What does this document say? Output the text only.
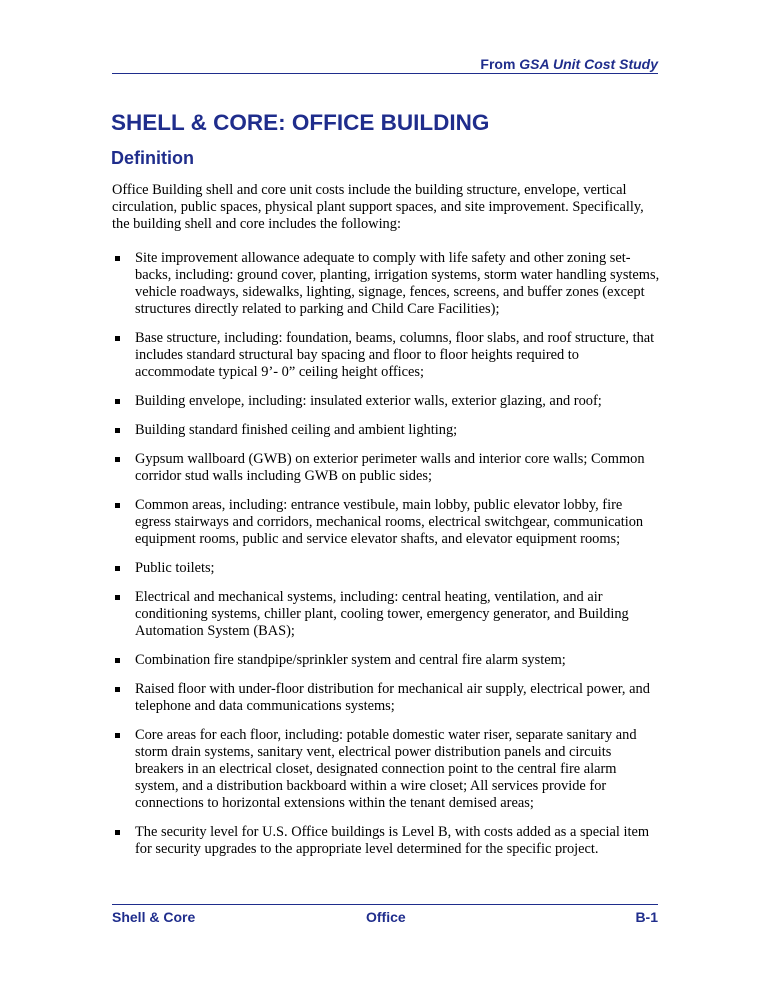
From GSA Unit Cost Study
SHELL & CORE: OFFICE BUILDING
Definition

Office Building shell and core unit costs include the building structure, envelope, vertical circulation, public spaces, physical plant support spaces, and site improvement. Specifically, the building shell and core includes the following:

Site improvement allowance adequate to comply with life safety and other zoning set-backs, including: ground cover, planting, irrigation systems, storm water handling systems, vehicle roadways, sidewalks, lighting, signage, fences, screens, and buffer zones (except structures directly related to parking and Child Care Facilities);
Base structure, including: foundation, beams, columns, floor slabs, and roof structure, that includes standard structural bay spacing and floor to floor heights required to accommodate typical 9’- 0” ceiling height offices;
Building envelope, including: insulated exterior walls, exterior glazing, and roof;
Building standard finished ceiling and ambient lighting;
Gypsum wallboard (GWB) on exterior perimeter walls and interior core walls; Common corridor stud walls including GWB on public sides;
Common areas, including: entrance vestibule, main lobby, public elevator lobby, fire egress stairways and corridors, mechanical rooms, electrical switchgear, communication equipment rooms, public and service elevator shafts, and elevator equipment rooms;
Public toilets;
Electrical and mechanical systems, including: central heating, ventilation, and air conditioning systems, chiller plant, cooling tower, emergency generator, and Building Automation System (BAS);
Combination fire standpipe/sprinkler system and central fire alarm system;
Raised floor with under-floor distribution for mechanical air supply, electrical power, and telephone and data communications systems;
Core areas for each floor, including: potable domestic water riser, separate sanitary and storm drain systems, sanitary vent, electrical power distribution panels and circuits breakers in an electrical closet, designated connection point to the central fire alarm system, and a distribution backboard within a wire closet; All services provide for connections to horizontal extensions within the tenant demised areas;
The security level for U.S. Office buildings is Level B, with costs added as a special item for security upgrades to the appropriate level determined for the specific project.
Shell & Core	Office	B-1
